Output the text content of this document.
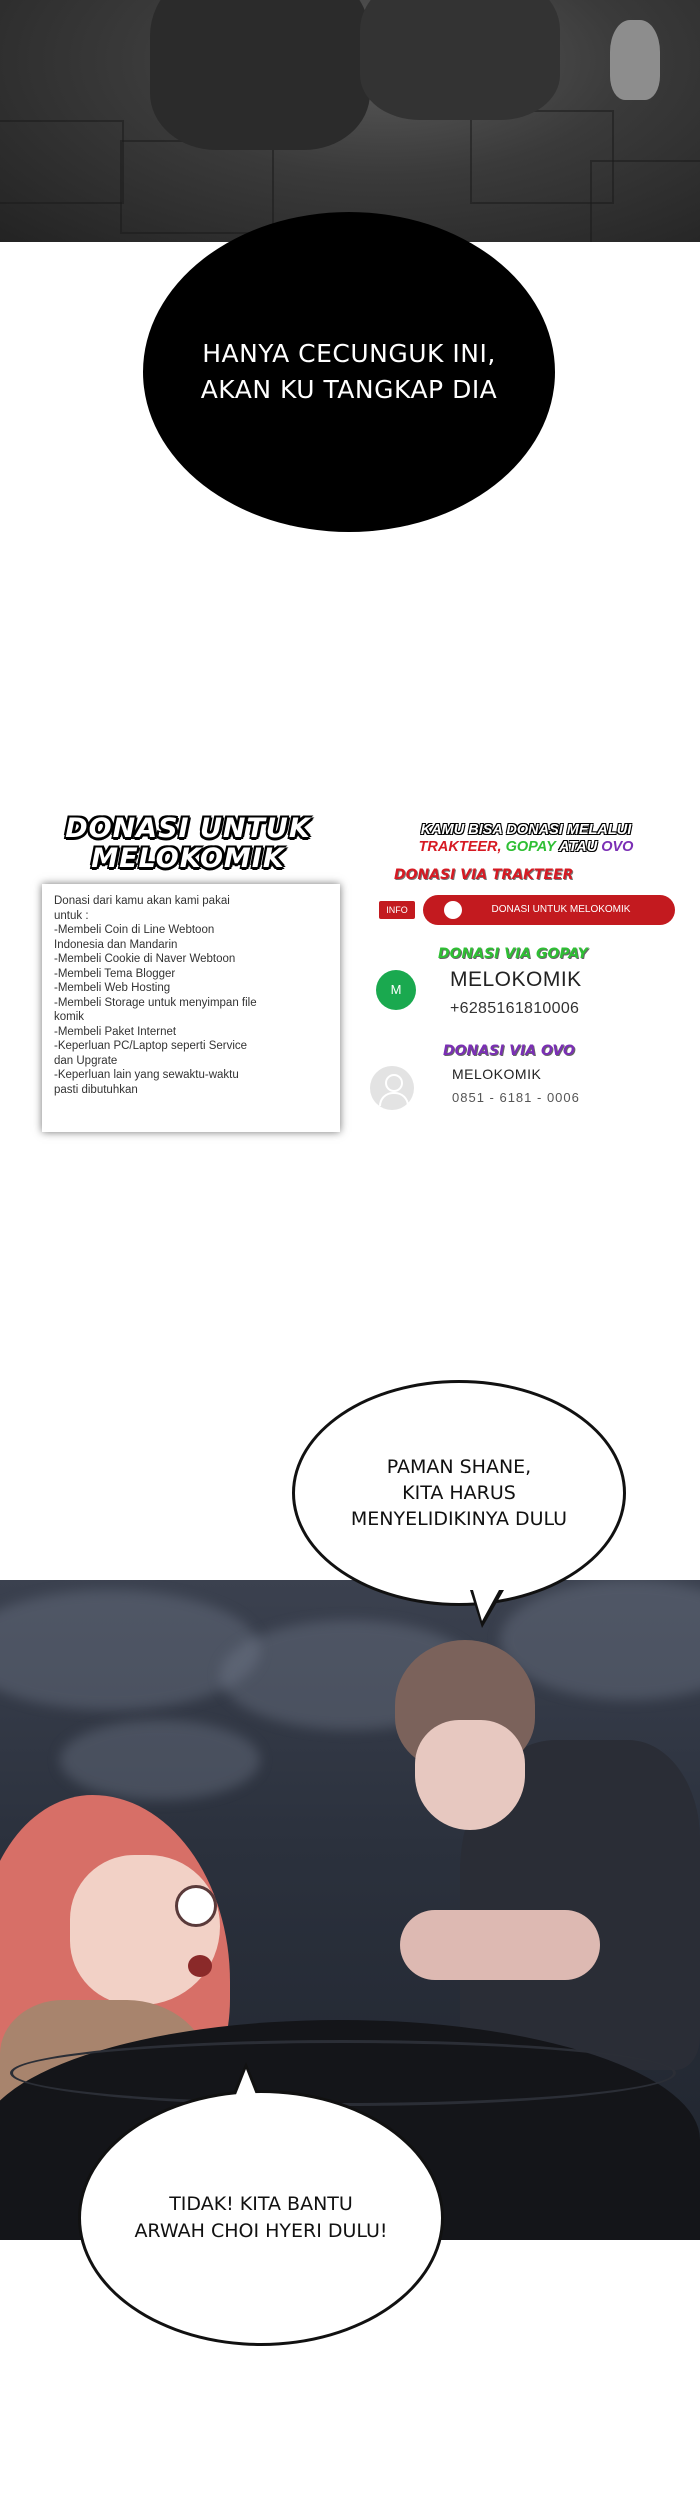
HANYA CECUNGUK INI,
AKAN KU TANGKAP DIA
DONASI UNTUK
MELOKOMIK
Donasi dari kamu akan kami pakai
untuk :
-Membeli Coin di Line Webtoon
Indonesia dan Mandarin
-Membeli Cookie di Naver Webtoon
-Membeli Tema Blogger
-Membeli Web Hosting
-Membeli Storage untuk menyimpan file
komik
-Membeli Paket Internet
-Keperluan PC/Laptop seperti Service
dan Upgrate
-Keperluan lain yang sewaktu-waktu
pasti dibutuhkan
KAMU BISA DONASI MELALUI
TRAKTEER, GOPAY ATAU OVO
DONASI VIA TRAKTEER
INFO	DONASI UNTUK MELOKOMIK
DONASI VIA GOPAY
M	MELOKOMIK
+6285161810006
DONASI VIA OVO
MELOKOMIK
0851 - 6181 - 0006
PAMAN SHANE,
KITA HARUS
MENYELIDIKINYA DULU
TIDAK! KITA BANTU
ARWAH CHOI HYERI DULU!
